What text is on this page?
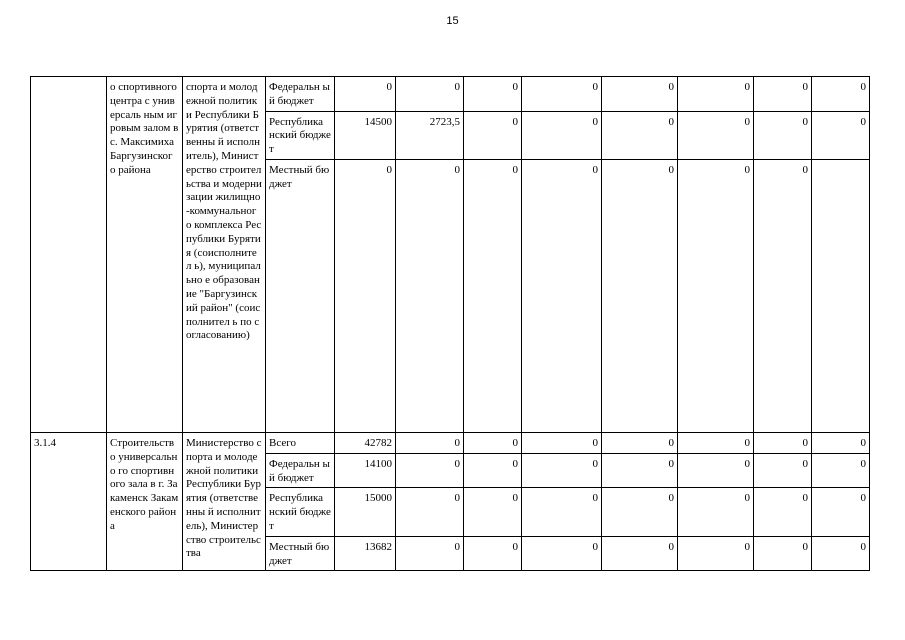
15
	о спортивного центра с универсаль ным игровым залом в с. Максимиха Баргузинског о района	спорта и молодежной политики Республики Бурятия (ответственны й исполнитель), Министерство строительства и модернизации жилищно-коммунальног о комплекса Республики Бурятия (соисполнител ь), муниципально е образование "Баргузинский район" (соисполнител ь по согласованию)	Федеральн ый бюджет	0	0	0	0	0	0	0	0
			Республика нский бюджет	14500	2723,5	0	0	0	0	0	0
			Местный бюджет	0	0	0	0	0	0	0	
3.1.4	Строительств о универсально го спортивного зала в г. Закаменск Закаменского района	Министерство спорта и молодежной политики Республики Бурятия (ответственны й исполнитель), Министерство строительства	Всего	42782	0	0	0	0	0	0	0
			Федеральн ый бюджет	14100	0	0	0	0	0	0	0
			Республика нский бюджет	15000	0	0	0	0	0	0	0
			Местный бюджет	13682	0	0	0	0	0	0	0
